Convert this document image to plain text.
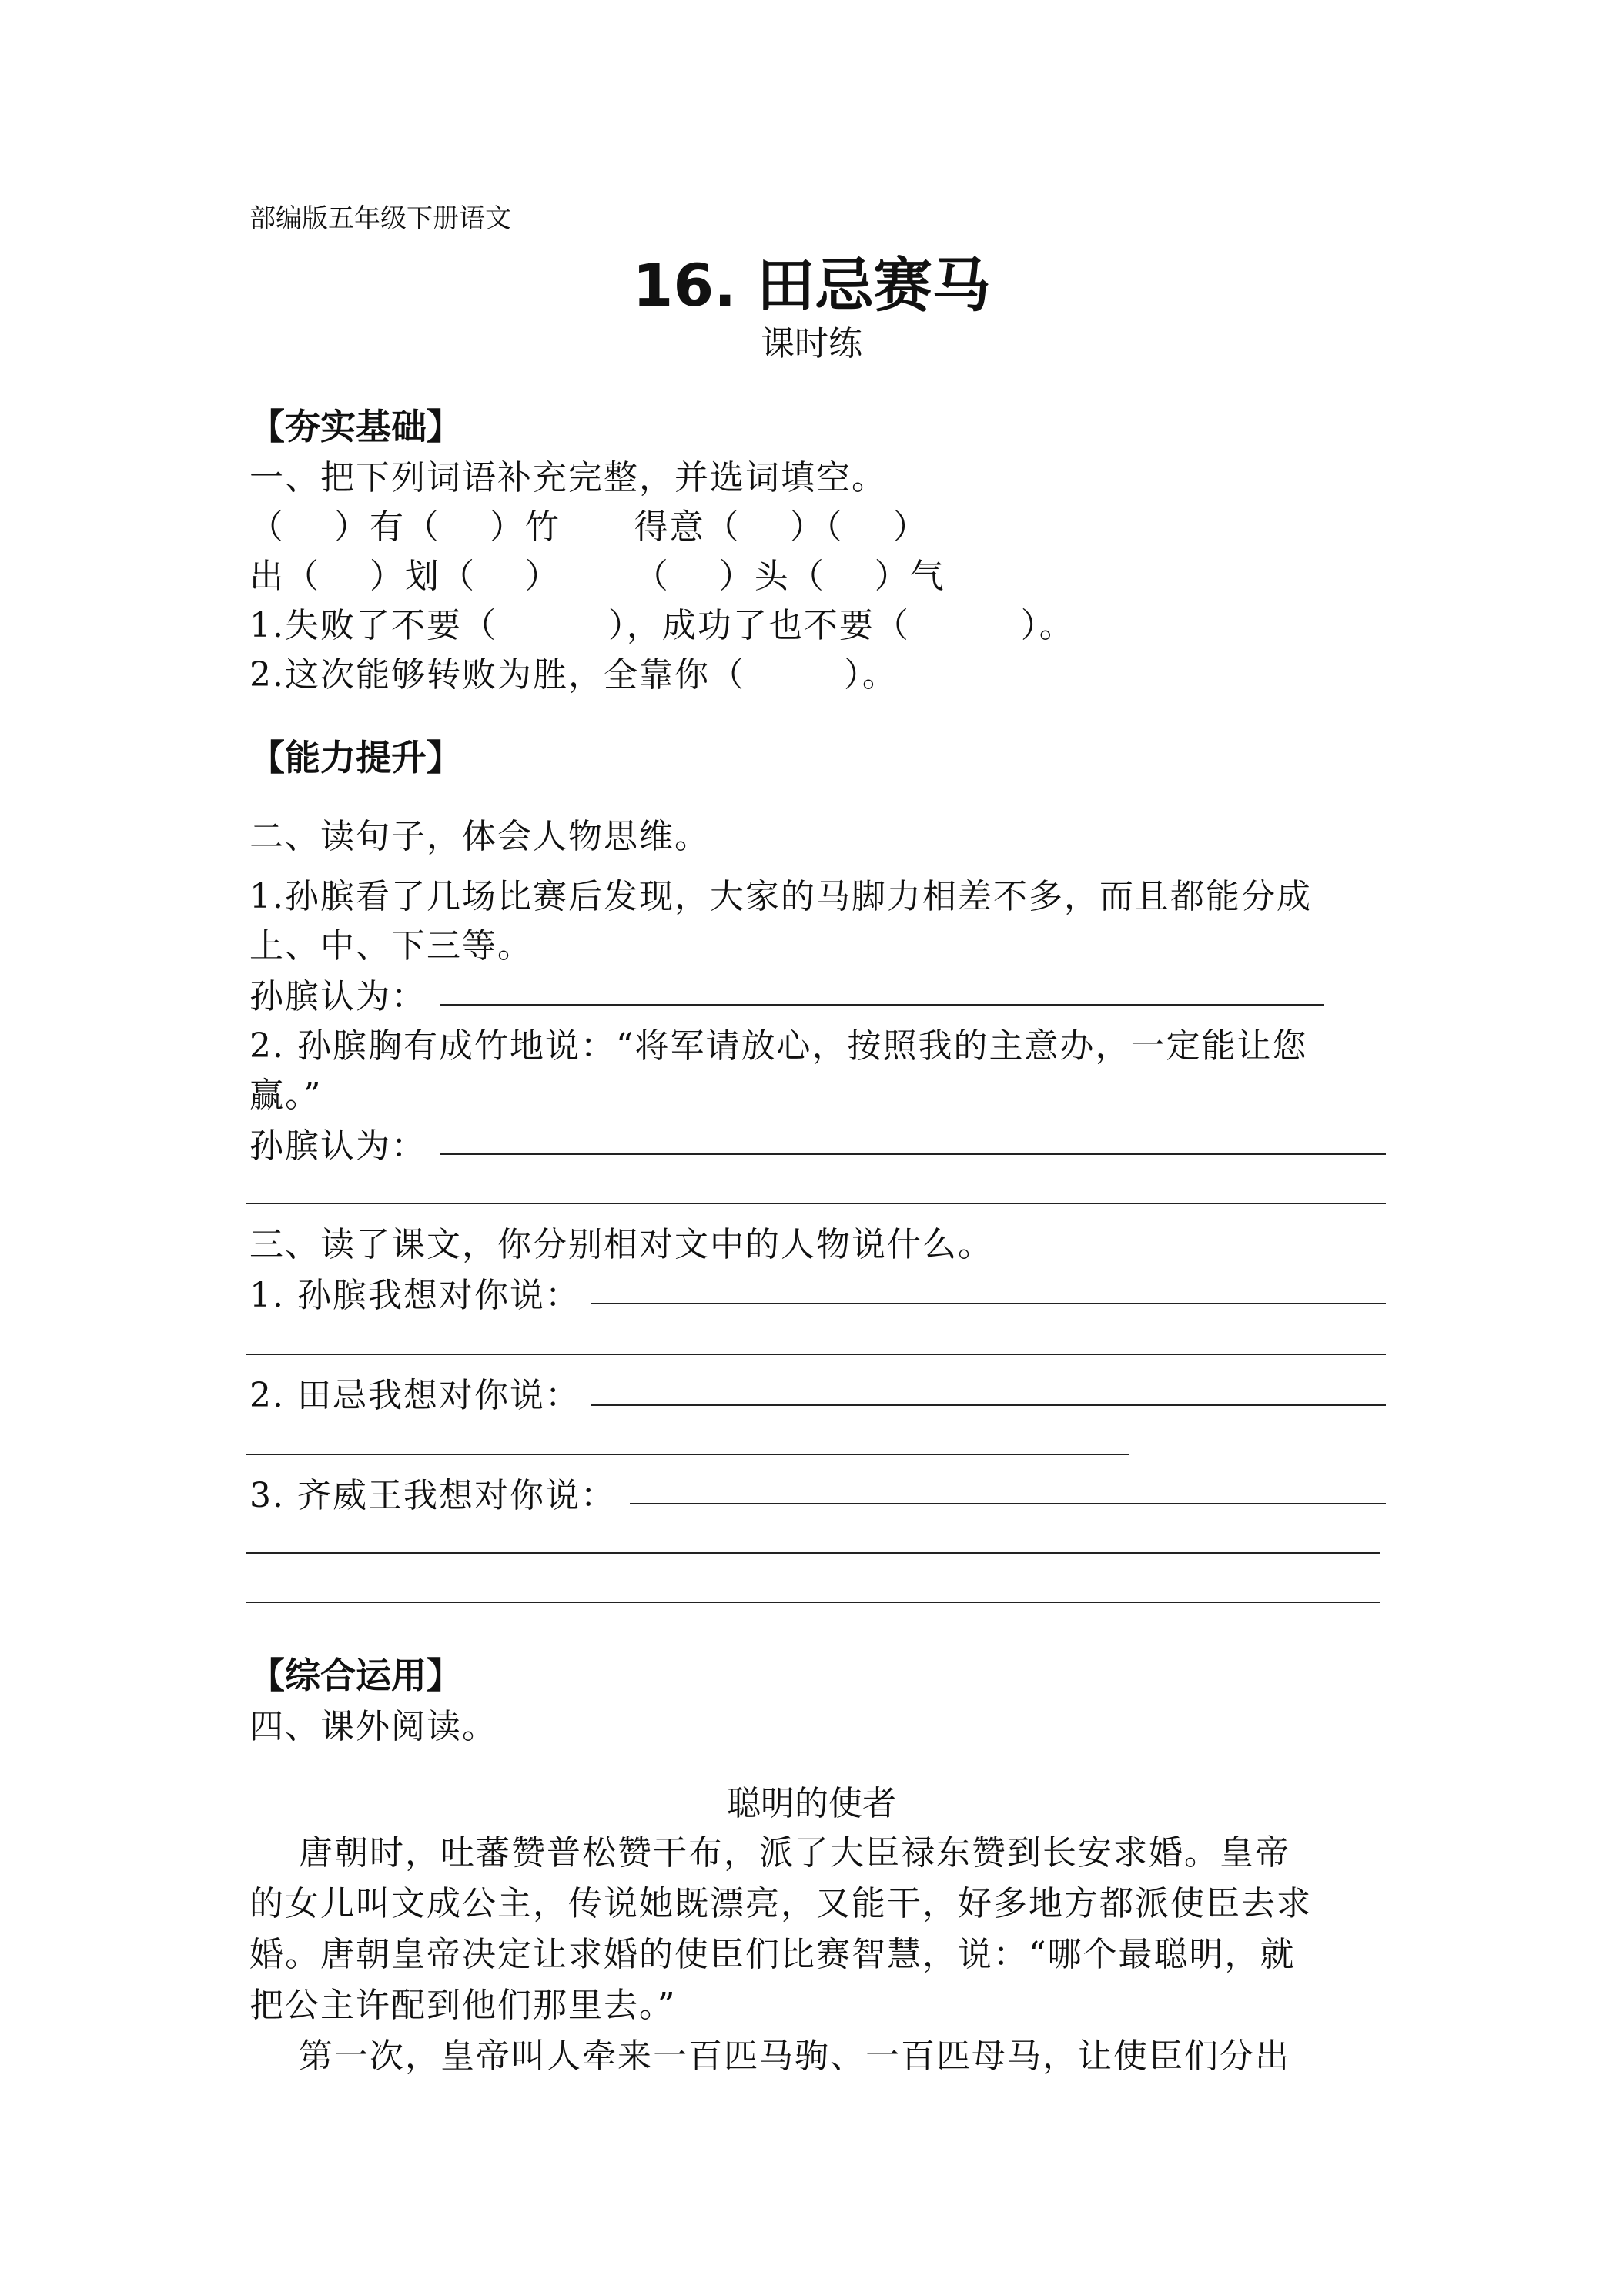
部编版五年级下册语文
16. 田忌赛马
课时练
【夯实基础】
一、把下列词语补充完整，并选词填空。
（    ）有（    ）竹      得意（    ）（    ）
出（    ）划（    ）      （    ）头（    ）气
1.失败了不要（         ），成功了也不要（         ）。
2.这次能够转败为胜，全靠你（        ）。
【能力提升】
二、读句子，体会人物思维。
1.孙膑看了几场比赛后发现，大家的马脚力相差不多，而且都能分成
上、中、下三等。
孙膑认为：
2. 孙膑胸有成竹地说：“将军请放心，按照我的主意办，一定能让您
赢。”
孙膑认为：
三、读了课文，你分别相对文中的人物说什么。
1. 孙膑我想对你说：
2. 田忌我想对你说：
3. 齐威王我想对你说：
【综合运用】
四、课外阅读。
聪明的使者
唐朝时，吐蕃赞普松赞干布，派了大臣禄东赞到长安求婚。皇帝
的女儿叫文成公主，传说她既漂亮，又能干，好多地方都派使臣去求
婚。唐朝皇帝决定让求婚的使臣们比赛智慧，说：“哪个最聪明，就
把公主许配到他们那里去。”
第一次，皇帝叫人牵来一百匹马驹、一百匹母马，让使臣们分出
